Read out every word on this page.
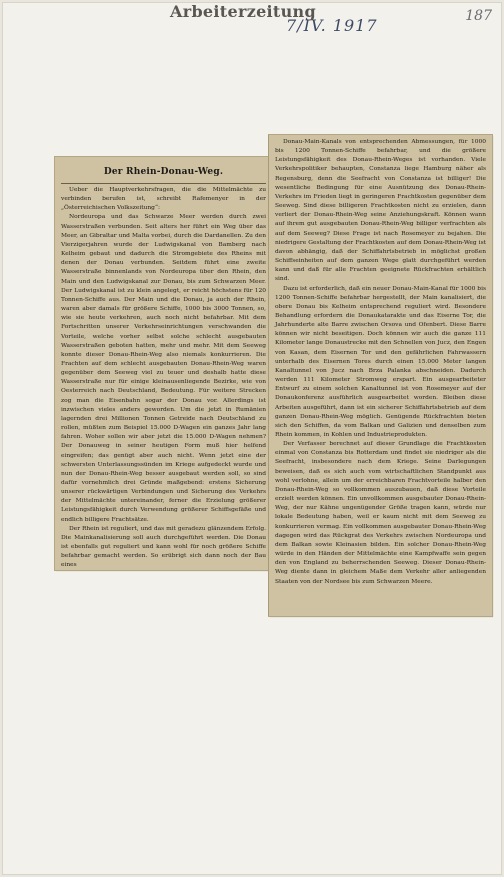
Arbeiterzeitung
7/IV. 1917	187
Der Rhein-Donau-Weg.

Ueber die Hauptverkehrsfragen, die die Mittelmächte zu verbinden berufen ist, schreibt Rafemenyer in der „Österreichischen Volkszeitung“:

Nordeuropa und das Schwarze Meer werden durch zwei Wasserstraßen verbunden. Seit alters her führt ein Weg über das Meer, an Gibraltar und Malta vorbei, durch die Dardanellen. Zu den Vierzigerjahren wurde der Ludwigskanal von Bamberg nach Kelheim gebaut und dadurch die Stromgebiete des Rheins mit denen der Donau verbunden. Seitdem führt eine zweite Wasserstraße binnenlands von Nordeuropa über den Rhein, den Main und den Ludwigskanal zur Donau, bis zum Schwarzen Meer. Der Ludwigskanal ist zu klein angelegt, er reicht höchstens für 120 Tonnen-Schiffe aus. Der Main und die Donau, ja auch der Rhein, waren aber damals für größere Schiffe, 1000 bis 3000 Tonnen, so, wie sie heute verkehren, auch noch nicht befahrbar. Mit dem Fortschritten unserer Verkehrseinrichtungen verschwanden die Vorteile, welche vorher selbst solche schlecht ausgebauten Wasserstraßen geboten hatten, mehr und mehr. Mit dem Seeweg konnte dieser Donau-Rhein-Weg also niemals konkurrieren. Die Frachten auf dem schlecht ausgebauten Donau-Rhein-Weg waren gegenüber dem Seeweg viel zu teuer und deshalb hatte diese Wasserstraße nur für einige kleinausenliegende Bezirke, wie von Oesterreich nach Deutschland, Bedeutung. Für weitere Strecken zog man die Eisenbahn sogar der Donau vor. Allerdings ist inzwischen vieles anders geworden. Um die jetzt in Rumänien lagernden drei Millionen Tonnen Getreide nach Deutschland zu rollen, müßten zum Beispiel 15.000 D-Wagen ein ganzes Jahr lang fahren. Woher sollen wir aber jetzt die 15.000 D-Wagen nehmen? Der Donauweg in seiner heutigen Form muß hier helfend eingreifen; das genügt aber auch nicht. Wenn jetzt eine der schwersten Unterlassungssünden im Kriege aufgedeckt wurde und nun der Donau-Rhein-Weg besser ausgebaut werden soll, so sind dafür vornehmlich drei Gründe maßgebend: erstens Sicherung unserer rückwärtigen Verbindungen und Sicherung des Verkehrs der Mittelmächte untereinander, ferner die Erzielung größerer Leistungsfähigkeit durch Verwendung größerer Schiffsgefäße und endlich billigere Frachtsätze.

Der Rhein ist reguliert, und das mit geradezu glänzendem Erfolg. Die Mainkanalisierung soll auch durchgeführt werden. Die Donau ist ebenfalls gut reguliert und kann wohl für noch größere Schiffe befahrbar gemacht werden. So erübrigt sich dann noch der Bau eines

Donau-Main-Kanals von entsprechenden Abmessungen, für 1000 bis 1200 Tonnen-Schiffe befahrbar, und die größere Leistungsfähigkeit des Donau-Rhein-Weges ist vorhanden. Viele Verkehrspolitiker behaupten, Constanza liege Hamburg näher als Regensburg, denn die Seefracht von Constanza ist billiger! Die wesentliche Bedingung für eine Ausnützung des Donau-Rhein-Verkehrs im Frieden liegt in geringeren Frachtkosten gegenüber dem Seeweg. Sind diese billigeren Frachtkosten nicht zu erzielen, dann verliert der Donau-Rhein-Weg seine Anziehungskraft. Können wann auf ihrem gut ausgebauten Donau-Rhein-Weg billiger verfrachten als auf dem Seeweg? Diese Frage ist nach Rosemeyer zu bejahen. Die niedrigere Gestaltung der Frachtkosten auf dem Donau-Rhein-Weg ist davon abhängig, daß der Schiffahrtsbetrieb in möglichst großen Schiffseinheiten auf dem ganzen Wege glatt durchgeführt werden kann und daß für alle Frachten geeignete Rückfrachten erhältlich sind.

Dazu ist erforderlich, daß ein neuer Donau-Main-Kanal für 1000 bis 1200 Tonnen-Schiffe befahrbar hergestellt, der Main kanalisiert, die obere Donau bis Kelheim entsprechend reguliert wird. Besondere Behandlung erfordern die Donaukatarakte und das Eiserne Tor, die Jahrhunderte alte Barre zwischen Orsova und Ofenbert. Diese Barre können wir nicht beseitigen. Doch können wir auch die ganze 111 Kilometer lange Donaustrecke mit den Schnellen von Jucz, den Engen von Kasan, dem Eisernen Tor und den gefährlichen Fahrwassern unterhalb des Eisernen Tores durch einen 15.000 Meter langen Kanaltunnel von Jucz nach Brza Palanka abschneiden. Dadurch werden 111 Kilometer Stromweg erspart. Ein ausgearbeiteter Entwurf zu einem solchen Kanaltunnel ist von Rosemeyer auf der Donaukonferenz ausführlich ausgearbeitet worden. Bleiben diese Arbeiten ausgeführt, dann ist ein sicherer Schiffahrtsbetrieb auf dem ganzen Donau-Rhein-Weg möglich. Genügende Rückfrachten bieten sich den Schiffen, da vom Balkan und Galizien und denselben zum Rhein kommen, in Kohlen und Industrieprodukten.

Der Verfasser berechnet auf dieser Grundlage die Frachtkosten einmal von Constanza bis Rotterdam und findet sie niedriger als die Seefracht, insbesondere nach dem Kriege. Seine Darlegungen beweisen, daß es sich auch vom wirtschaftlichen Standpunkt aus wohl verlohne, allein um der erreichbaren Frachtvorteile halber den Donau-Rhein-Weg so vollkommen auszubauen, daß diese Vorteile erzielt werden können. Ein unvollkommen ausgebauter Donau-Rhein-Weg, der nur Kähne ungenügender Größe tragen kann, würde nur lokale Bedeutung haben, weil er kaum nicht mit dem Seeweg zu konkurrieren vermag. Ein vollkommen ausgebauter Donau-Rhein-Weg dagegen wird das Rückgrat des Verkehrs zwischen Nordeuropa und dem Balkan sowie Kleinasien bilden. Ein solcher Donau-Rhein-Weg würde in den Händen der Mittelmächte eine Kampfwaffe sein gegen den von England zu beherrschenden Seeweg. Dieser Donau-Rhein-Weg diente dann in gleichem Maße dem Verkehr aller anliegenden Staaten von der Nordsee bis zum Schwarzen Meere.
